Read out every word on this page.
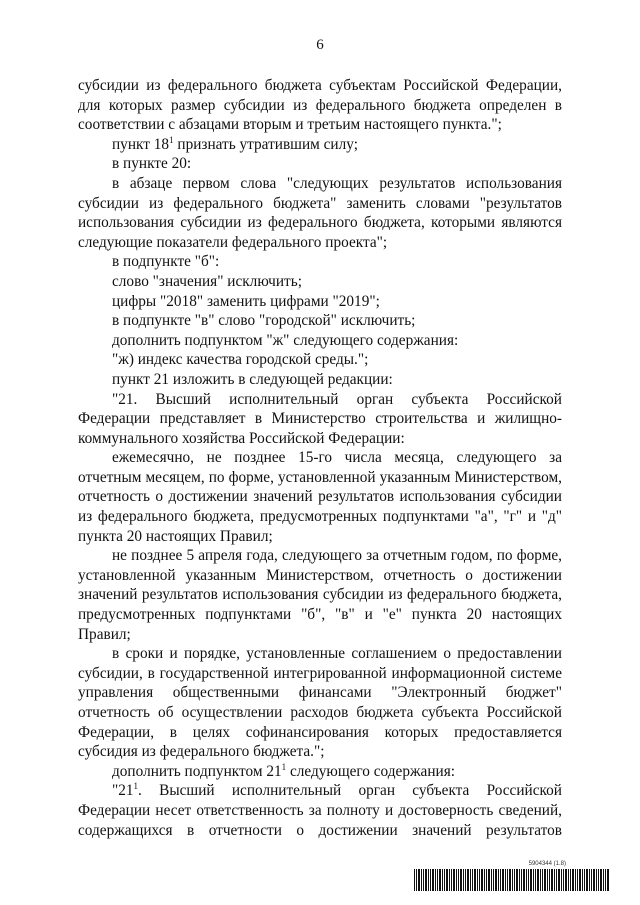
6

субсидии из федерального бюджета субъектам Российской Федерации, для которых размер субсидии из федерального бюджета определен в соответствии с абзацами вторым и третьим настоящего пункта.";

пункт $18^1$ признать утратившим силу;

в пункте 20:

в абзаце первом слова "следующих результатов использования субсидии из федерального бюджета" заменить словами "результатов использования субсидии из федерального бюджета, которыми являются следующие показатели федерального проекта";

в подпункте "б":

слово "значения" исключить;

цифры "2018" заменить цифрами "2019";

в подпункте "в" слово "городской" исключить;

дополнить подпунктом "ж" следующего содержания:

"ж) индекс качества городской среды.";

пункт 21 изложить в следующей редакции:

"21. Высший исполнительный орган субъекта Российской Федерации представляет в Министерство строительства и жилищно-коммунального хозяйства Российской Федерации:

ежемесячно, не позднее 15-го числа месяца, следующего за отчетным месяцем, по форме, установленной указанным Министерством, отчетность о достижении значений результатов использования субсидии из федерального бюджета, предусмотренных подпунктами "а", "г" и "д" пункта 20 настоящих Правил;

не позднее 5 апреля года, следующего за отчетным годом, по форме, установленной указанным Министерством, отчетность о достижении значений результатов использования субсидии из федерального бюджета, предусмотренных подпунктами "б", "в" и "е" пункта 20 настоящих Правил;

в сроки и порядке, установленные соглашением о предоставлении субсидии, в государственной интегрированной информационной системе управления общественными финансами "Электронный бюджет" отчетность об осуществлении расходов бюджета субъекта Российской Федерации, в целях софинансирования которых предоставляется субсидия из федерального бюджета.";

дополнить подпунктом $21^1$ следующего содержания:

"$21^1$. Высший исполнительный орган субъекта Российской Федерации несет ответственность за полноту и достоверность сведений, содержащихся в отчетности о достижении значений результатов

5904344 (1.8)
